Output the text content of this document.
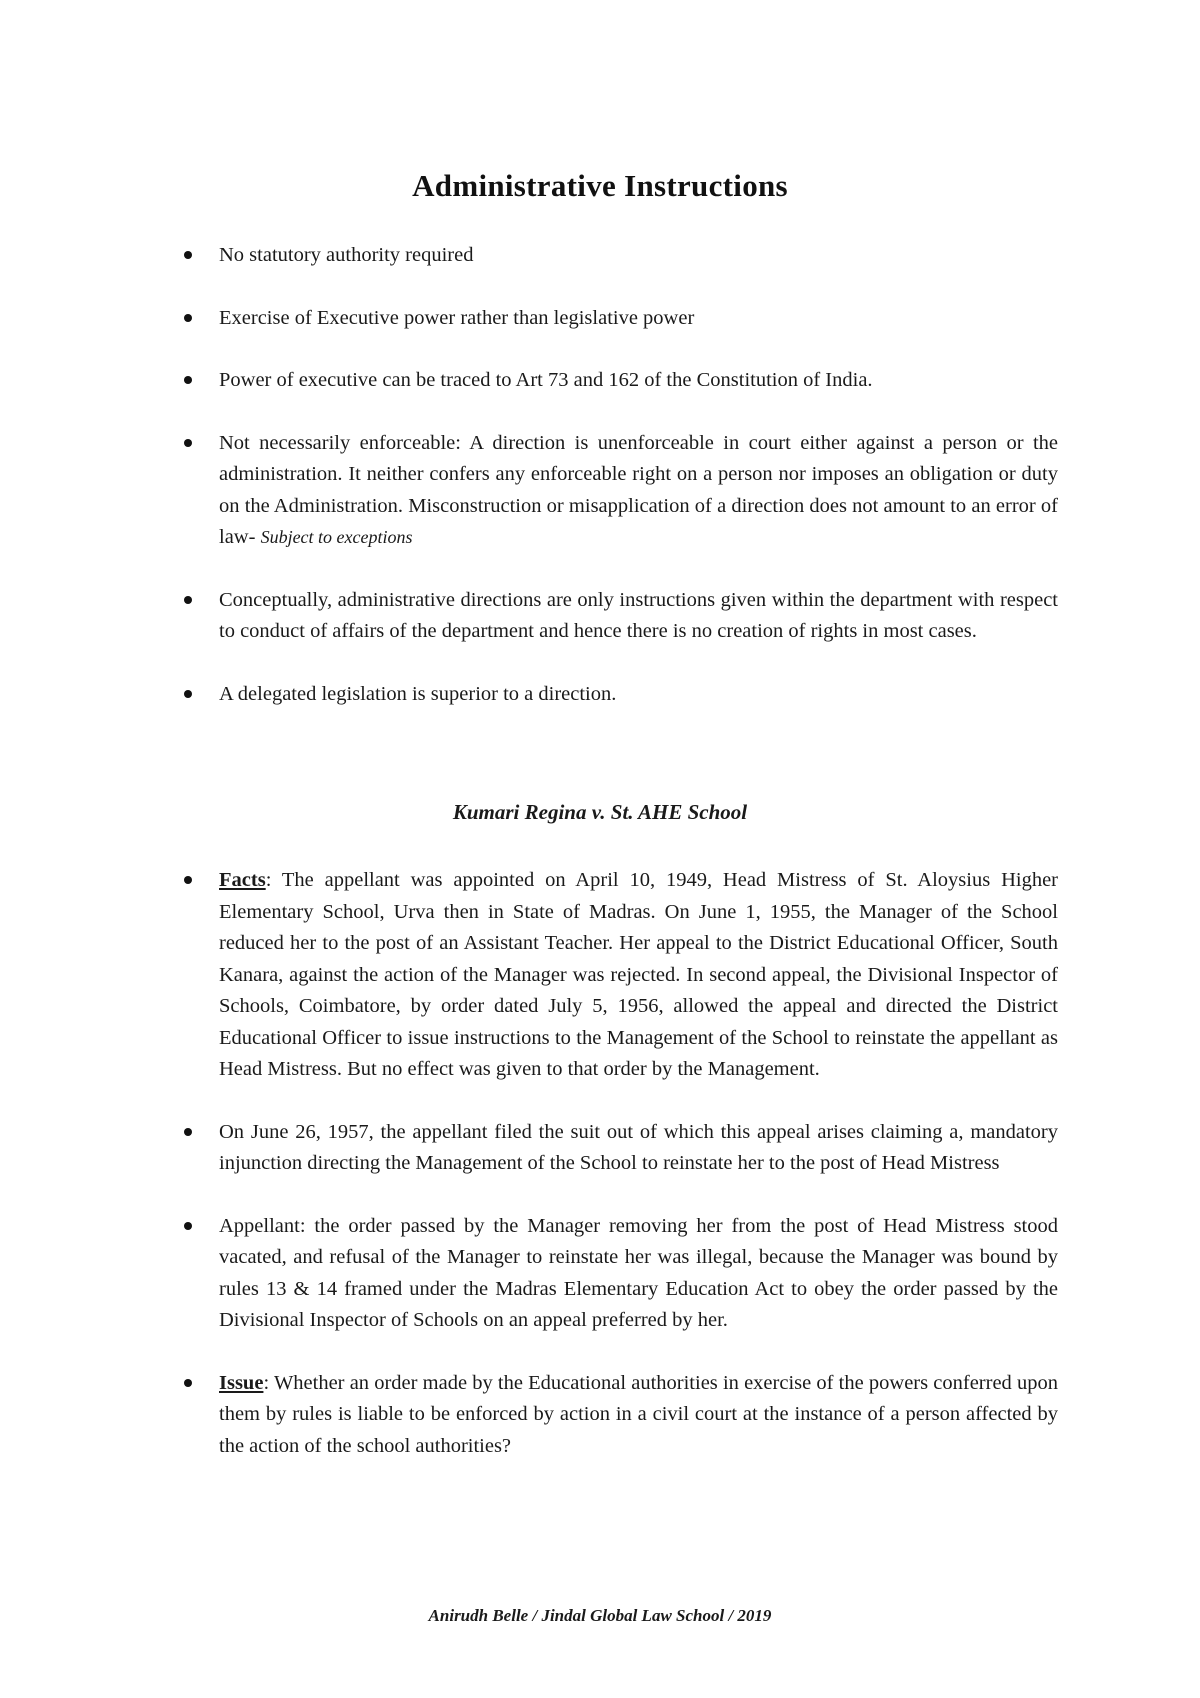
Administrative Instructions
No statutory authority required
Exercise of Executive power rather than legislative power
Power of executive can be traced to Art 73 and 162 of the Constitution of India.
Not necessarily enforceable: A direction is unenforceable in court either against a person or the administration. It neither confers any enforceable right on a person nor imposes an obligation or duty on the Administration. Misconstruction or misapplication of a direction does not amount to an error of law- Subject to exceptions
Conceptually, administrative directions are only instructions given within the department with respect to conduct of affairs of the department and hence there is no creation of rights in most cases.
A delegated legislation is superior to a direction.
Kumari Regina v. St. AHE School
Facts: The appellant was appointed on April 10, 1949, Head Mistress of St. Aloysius Higher Elementary School, Urva then in State of Madras. On June 1, 1955, the Manager of the School reduced her to the post of an Assistant Teacher. Her appeal to the District Educational Officer, South Kanara, against the action of the Manager was rejected. In second appeal, the Divisional Inspector of Schools, Coimbatore, by order dated July 5, 1956, allowed the appeal and directed the District Educational Officer to issue instructions to the Management of the School to reinstate the appellant as Head Mistress. But no effect was given to that order by the Management.
On June 26, 1957, the appellant filed the suit out of which this appeal arises claiming a, mandatory injunction directing the Management of the School to reinstate her to the post of Head Mistress
Appellant: the order passed by the Manager removing her from the post of Head Mistress stood vacated, and refusal of the Manager to reinstate her was illegal, because the Manager was bound by rules 13 & 14 framed under the Madras Elementary Education Act to obey the order passed by the Divisional Inspector of Schools on an appeal preferred by her.
Issue: Whether an order made by the Educational authorities in exercise of the powers conferred upon them by rules is liable to be enforced by action in a civil court at the instance of a person affected by the action of the school authorities?
Anirudh Belle / Jindal Global Law School / 2019
